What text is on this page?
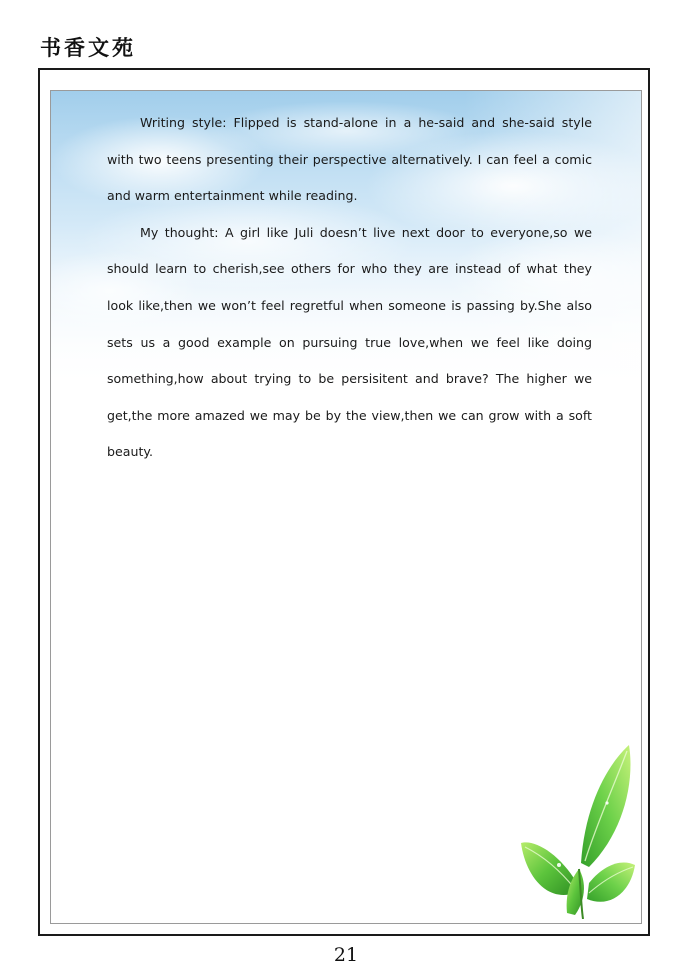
书香文苑

Writing style: Flipped is stand-alone in a he-said and she-said style with two teens presenting their perspective alternatively. I can feel a comic and warm entertainment while reading.

My thought: A girl like Juli doesn’t live next door to everyone,so we should learn to cherish,see others for who they are instead of what they look like,then we won’t feel regretful when someone is passing by.She also sets us a good example on pursuing true love,when we feel like doing something,how about trying to be persisitent and brave? The higher we get,the more amazed we may be by the view,then we can grow with a soft beauty.

21
